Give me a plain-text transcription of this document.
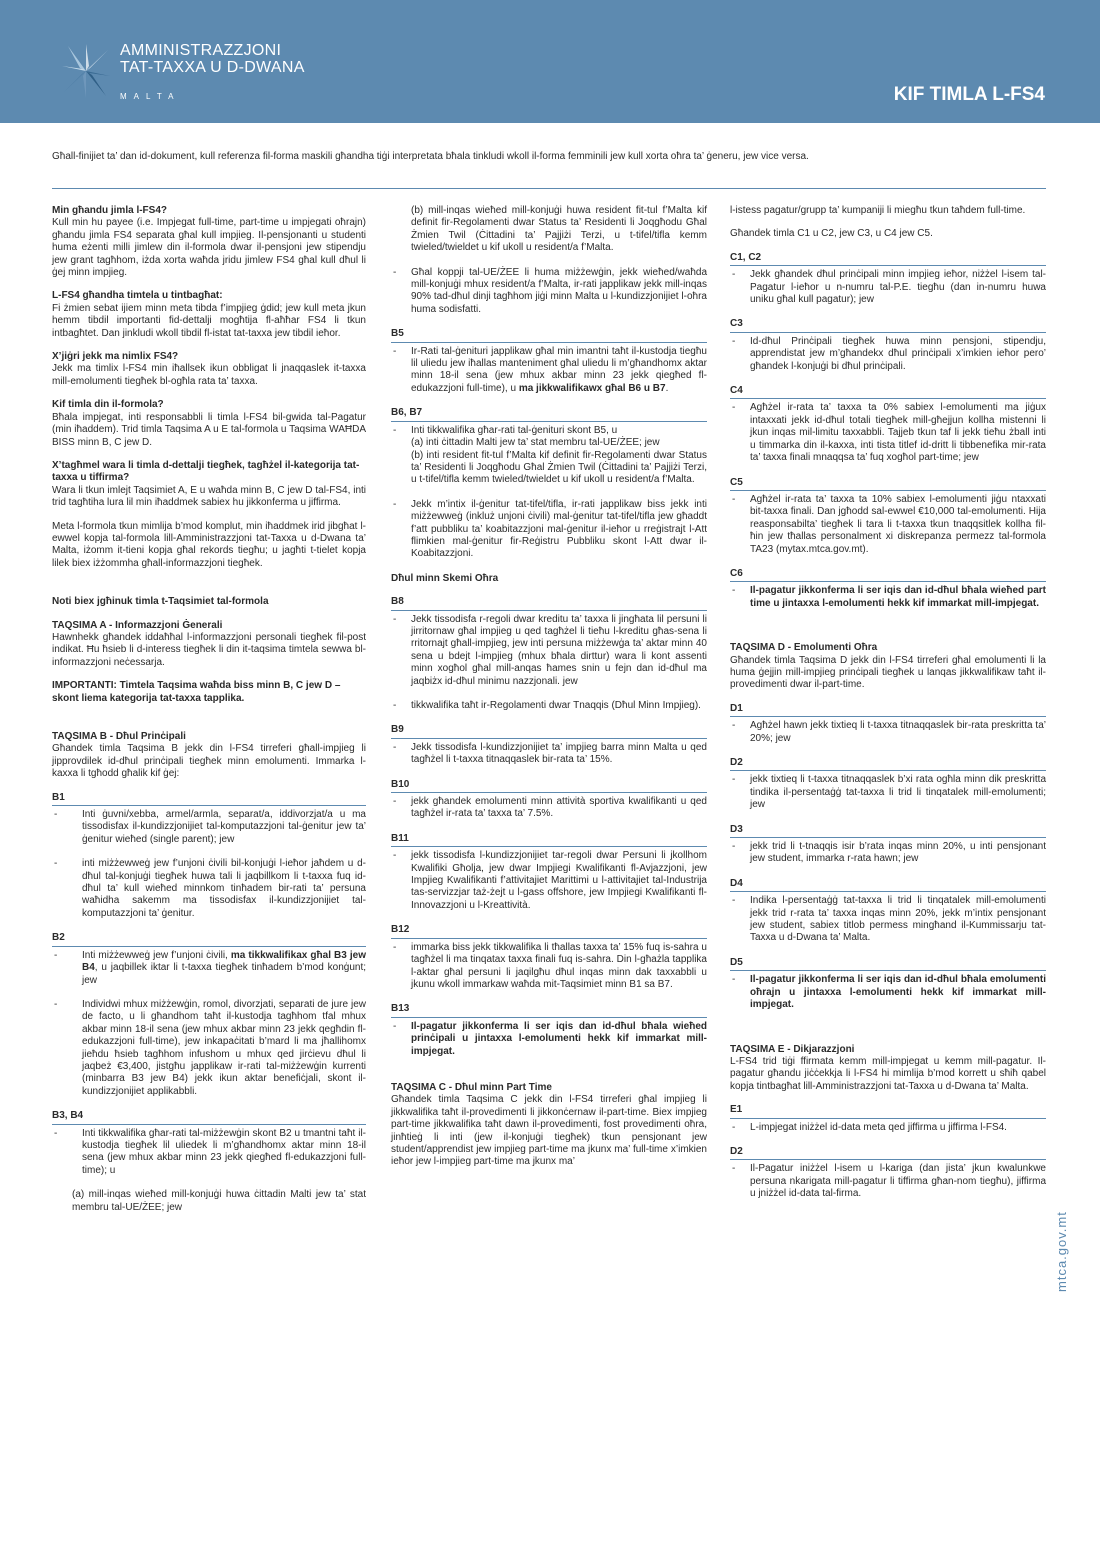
AMMINISTRAZZJONI
TAT-TAXXA U D-DWANA
MALTA	KIF TIMLA L-FS4
Għall-finijiet ta’ dan id-dokument, kull referenza fil-forma maskili għandha tiġi interpretata bħala tinkludi wkoll il-forma femminili jew kull xorta oħra ta’ ġeneru, jew vice versa.
Min għandu jimla l-FS4?
Kull min hu payee (i.e. Impjegat full-time, part-time u impjegati oħrajn) għandu jimla FS4 separata għal kull impjieg. Il-pensjonanti u studenti huma eżenti milli jimlew din il-formola dwar il-pensjoni jew stipendju jew grant tagħhom, iżda xorta waħda jridu jimlew FS4 għal kull dħul li ġej minn impjieg.
L-FS4 għandha timtela u tintbagħat:
Fi żmien sebat ijiem minn meta tibda f’impjieg ġdid; jew kull meta jkun hemm tibdil importanti fid-dettalji mogħtija fl-aħħar FS4 li tkun intbagħtet. Dan jinkludi wkoll tibdil fl-istat tat-taxxa jew tibdil ieħor.
X’jiġri jekk ma nimlix FS4?
Jekk ma timlix l-FS4 min iħallsek ikun obbligat li jnaqqaslek it-taxxa mill-emolumenti tiegħek bl-ogħla rata ta’ taxxa.
Kif timla din il-formola?
Bħala impjegat, inti responsabbli li timla l-FS4 bil-gwida tal-Pagatur (min iħaddem). Trid timla Taqsima A u E tal-formola u Taqsima WAĦDA BISS minn B, C jew D.
X’tagħmel wara li timla d-dettalji tiegħek, tagħżel il-kategorija tat-taxxa u tiffirma?
Wara li tkun imlejt Taqsimiet A, E u waħda minn B, C jew D tal-FS4, inti trid tagħtiha lura lil min iħaddmek sabiex hu jikkonferma u jiffirma.
Meta l-formola tkun mimlija b’mod komplut, min iħaddmek irid jibgħat l-ewwel kopja tal-formola lill-Amministrazzjoni tat-Taxxa u d-Dwana ta’ Malta, iżomm it-tieni kopja għal rekords tiegħu; u jagħti t-tielet kopja lilek biex iżżommha għall-informazzjoni tiegħek.
Noti biex jgħinuk timla t-Taqsimiet tal-formola
TAQSIMA A - Informazzjoni Ġenerali
Hawnhekk għandek iddaħħal l-informazzjoni personali tiegħek fil-post indikat. Ħu ħsieb li d-interess tiegħek li din it-taqsima timtela sewwa bl-informazzjoni neċessarja.
IMPORTANTI: Timtela Taqsima waħda biss minn B, C jew D – skont liema kategorija tat-taxxa tapplika.
TAQSIMA B - Dħul Prinċipali
Għandek timla Taqsima B jekk din l-FS4 tirreferi għall-impjieg li jipprovdilek id-dħul prinċipali tiegħek minn emolumenti. Immarka l-kaxxa li tgħodd għalik kif ġej:
B1
-	Inti ġuvni/xebba, armel/armla, separat/a, iddivorzjat/a u ma tissodisfax il-kundizzjonijiet tal-komputazzjoni tal-ġenitur jew ta’ ġenitur wieħed (single parent); jew
-	inti miżżewweġ jew f’unjoni ċivili bil-konjuġi l-ieħor jaħdem u d-dħul tal-konjuġi tiegħek huwa tali li jaqbillkom li t-taxxa fuq id-dħul ta’ kull wieħed minnkom tinħadem bir-rati ta’ persuna waħidha sakemm ma tissodisfax il-kundizzjonijiet tal-komputazzjoni ta’ ġenitur.
B2
-	Inti miżżewweġ jew f’unjoni ċivili, ma tikkwalifikax għal B3 jew B4, u jaqbillek iktar li t-taxxa tiegħek tinħadem b’mod konġunt; jew
-	Individwi mhux miżżewġin, romol, divorzjati, separati de jure jew de facto, u li għandhom taħt il-kustodja tagħhom tfal mhux akbar minn 18-il sena (jew mhux akbar minn 23 jekk qegħdin fl-edukazzjoni full-time), jew inkapaċitati b’mard li ma jħallihomx jieħdu ħsieb tagħhom infushom u mhux qed jirċievu dħul li jaqbeż €3,400, jistgħu japplikaw ir-rati tal-miżżewġin kurrenti (minbarra B3 jew B4) jekk ikun aktar benefiċjali, skont il-kundizzjonijiet applikabbli.
B3, B4
-	Inti tikkwalifika għar-rati tal-miżżewġin skont B2 u tmantni taħt il-kustodja tiegħek lil uliedek li m’għandhomx aktar minn 18-il sena (jew mhux akbar minn 23 jekk qiegħed fl-edukazzjoni full-time); u
(a) mill-inqas wieħed mill-konjuġi huwa ċittadin Malti jew ta’ stat membru tal-UE/ŻEE; jew
(b) mill-inqas wieħed mill-konjuġi huwa resident fit-tul f’Malta kif definit fir-Regolamenti dwar Status ta’ Residenti li Joqgħodu Għal Żmien Twil (Ċittadini ta’ Pajjiżi Terzi, u t-tifel/tifla kemm twieled/twieldet u kif ukoll u resident/a f’Malta.
-	Għal koppji tal-UE/ŻEE li huma miżżewġin, jekk wieħed/waħda mill-konjuġi mhux resident/a f’Malta, ir-rati japplikaw jekk mill-inqas 90% tad-dħul dinji tagħhom jiġi minn Malta u l-kundizzjonijiet l-oħra huma sodisfatti.
B5
-	Ir-Rati tal-ġenituri japplikaw għal min imantni taħt il-kustodja tiegħu lil uliedu jew iħallas manteniment għal uliedu li m’għandhomx aktar minn 18-il sena (jew mhux akbar minn 23 jekk qiegħed fl-edukazzjoni full-time), u ma jikkwalifikawx għal B6 u B7.
B6, B7
-	Inti tikkwalifika għar-rati tal-ġenituri skont B5, u
(a) inti ċittadin Malti jew ta’ stat membru tal-UE/ŻEE; jew
(b) inti resident fit-tul f’Malta kif definit fir-Regolamenti dwar Status ta’ Residenti li Joqgħodu Għal Żmien Twil (Ċittadini ta’ Pajjiżi Terzi, u t-tifel/tifla kemm twieled/twieldet u kif ukoll u resident/a f’Malta.
-	Jekk m’intix il-ġenitur tat-tifel/tifla, ir-rati japplikaw biss jekk inti miżżewweġ (inkluż unjoni ċivili) mal-ġenitur tat-tifel/tifla jew għaddt f’att pubbliku ta’ koabitazzjoni mal-ġenitur il-ieħor u rreġistrajt l-Att flimkien mal-ġenitur fir-Reġistru Pubbliku skont l-Att dwar il-Koabitazzjoni.
Dħul minn Skemi Oħra
B8
-	Jekk tissodisfa r-regoli dwar kreditu ta’ taxxa li jingħata lil persuni li jirritornaw għal impjieg u qed tagħżel li tieħu l-kreditu għas-sena li rritornajt għall-impjieg, jew inti persuna miżżewġa ta’ aktar minn 40 sena u bdejt l-impjieg (mhux bħala dirttur) wara li kont assenti minn xogħol għal mill-anqas ħames snin u fejn dan id-dħul ma jaqbiżx id-dħul minimu nazzjonali. jew
-	tikkwalifika taħt ir-Regolamenti dwar Tnaqqis (Dħul Minn Impjieg).
B9
-	Jekk tissodisfa l-kundizzjonijiet ta’ impjieg barra minn Malta u qed tagħżel li t-taxxa titnaqqaslek bir-rata ta’ 15%.
B10
-	jekk għandek emolumenti minn attività sportiva kwalifikanti u qed tagħżel ir-rata ta’ taxxa ta’ 7.5%.
B11
-	jekk tissodisfa l-kundizzjonijiet tar-regoli dwar Persuni li jkollhom Kwalifiki Għolja, jew dwar Impjiegi Kwalifikanti fl-Avjazzjoni, jew Impjieg Kwalifikanti f’attivitajiet Marittimi u l-attivitajiet tal-Industrija tas-servizzjar taż-żejt u l-gass offshore, jew Impjiegi Kwalifikanti fl-Innovazzjoni u l-Kreattività.
B12
-	immarka biss jekk tikkwalifika li tħallas taxxa ta’ 15% fuq is-sahra u tagħżel li ma tinqatax taxxa finali fuq is-sahra. Din l-għażla tapplika l-aktar għal persuni li jaqilgħu dħul inqas minn dak taxxabbli u jkunu wkoll immarkaw waħda mit-Taqsimiet minn B1 sa B7.
B13
-	Il-pagatur jikkonferma li ser iqis dan id-dħul bħala wieħed prinċipali u jintaxxa l-emolumenti hekk kif immarkat mill-impjegat.
TAQSIMA C - Dħul minn Part Time
Għandek timla Taqsima C jekk din l-FS4 tirreferi għal impjieg li jikkwalifika taħt il-provedimenti li jikkonċernaw il-part-time. Biex impjieg part-time jikkwalifika taħt dawn il-provedimenti, fost provedimenti oħra, jinħtieġ li inti (jew il-konjuġi tiegħek) tkun pensjonant jew student/apprendist jew impjieg part-time ma jkunx ma’ full-time x’imkien ieħor jew l-impjieg part-time ma jkunx ma’
l-istess pagatur/grupp ta’ kumpaniji li miegħu tkun taħdem full-time.
Għandek timla C1 u C2, jew C3, u C4 jew C5.
C1, C2
-	Jekk għandek dħul prinċipali minn impjieg ieħor, niżżel l-isem tal-Pagatur l-ieħor u n-numru tal-P.E. tiegħu (dan in-numru huwa uniku għal kull pagatur); jew
C3
-	Id-dħul Prinċipali tiegħek huwa minn pensjoni, stipendju, apprendistat jew m’għandekx dħul prinċipali x’imkien ieħor pero’ għandek l-konjuġi bi dħul prinċipali.
C4
-	Agħżel ir-rata ta’ taxxa ta 0% sabiex l-emolumenti ma jiġux intaxxati jekk id-dħul totali tiegħek mill-għejjun kollha mistenni li jkun inqas mil-limitu taxxabbli. Tajjeb tkun taf li jekk tieħu żball inti u timmarka din il-kaxxa, inti tista titlef id-dritt li tibbenefika mir-rata ta’ taxxa finali mnaqqsa ta’ fuq xogħol part-time; jew
C5
-	Agħżel ir-rata ta’ taxxa ta 10% sabiex l-emolumenti jiġu ntaxxati bit-taxxa finali. Dan jgħodd sal-ewwel €10,000 tal-emolumenti. Hija reasponsabilta’ tiegħek li tara li t-taxxa tkun tnaqqsitlek kollha fil-ħin jew tħallas personalment xi diskrepanza permezz tal-formola TA23 (mytax.mtca.gov.mt).
C6
-	Il-pagatur jikkonferma li ser iqis dan id-dħul bħala wieħed part time u jintaxxa l-emolumenti hekk kif immarkat mill-impjegat.
TAQSIMA D - Emolumenti Oħra
Għandek timla Taqsima D jekk din l-FS4 tirreferi għal emolumenti li la huma ġejjin mill-impjieg prinċipali tiegħek u lanqas jikkwalifikaw taħt il-provedimenti dwar il-part-time.
D1
-	Agħżel hawn jekk tixtieq li t-taxxa titnaqqaslek bir-rata preskritta ta’ 20%; jew
D2
-	jekk tixtieq li t-taxxa titnaqqaslek b’xi rata ogħla minn dik preskritta tindika il-persentaġġ tat-taxxa li trid li tinqatalek mill-emolumenti; jew
D3
-	jekk trid li t-tnaqqis isir b’rata inqas minn 20%, u inti pensjonant jew student, immarka r-rata hawn; jew
D4
-	Indika l-persentaġġ tat-taxxa li trid li tinqatalek mill-emolumenti jekk trid r-rata ta’ taxxa inqas minn 20%, jekk m’intix pensjonant jew student, sabiex titlob permess mingħand il-Kummissarju tat-Taxxa u d-Dwana ta’ Malta.
D5
-	Il-pagatur jikkonferma li ser iqis dan id-dħul bħala emolumenti oħrajn u jintaxxa l-emolumenti hekk kif immarkat mill-impjegat.
TAQSIMA E - Dikjarazzjoni
L-FS4 trid tiġi ffirmata kemm mill-impjegat u kemm mill-pagatur. Il-pagatur għandu jiċċekkja li l-FS4 hi mimlija b’mod korrett u sħiħ qabel kopja tintbagħat lill-Amministrazzjoni tat-Taxxa u d-Dwana ta’ Malta.
E1
-	L-impjegat iniżżel id-data meta qed jiffirma u jiffirma l-FS4.
D2
-	Il-Pagatur iniżżel l-isem u l-kariga (dan jista’ jkun kwalunkwe persuna nkarigata mill-pagatur li tiffirma għan-nom tiegħu), jiffirma u jniżżel id-data tal-firma.
mtca.gov.mt
